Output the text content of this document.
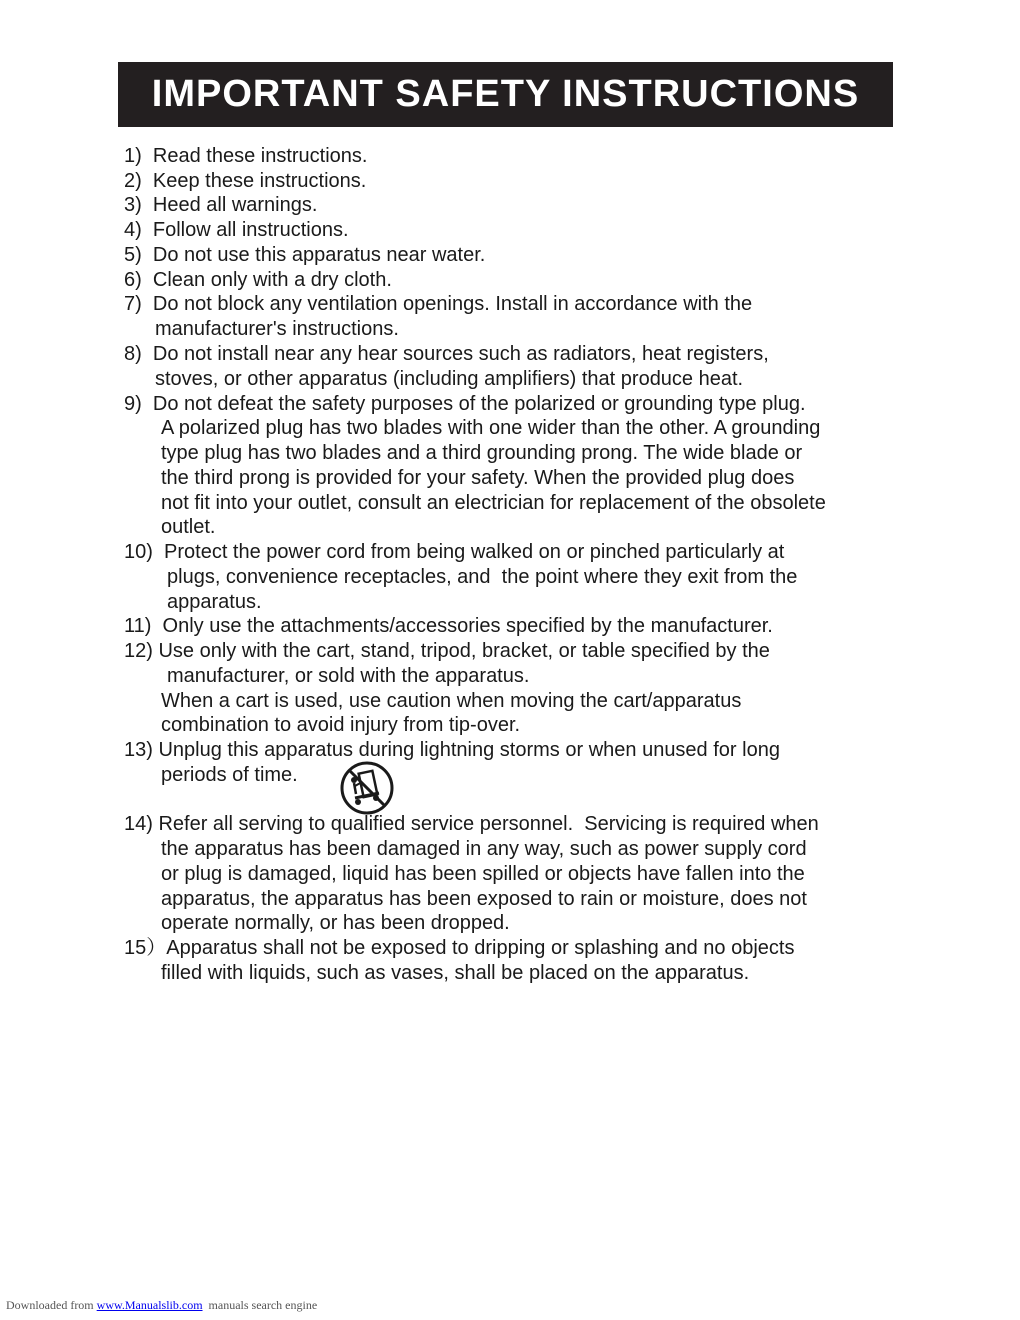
IMPORTANT SAFETY INSTRUCTIONS
1)  Read these instructions.
2)  Keep these instructions.
3)  Heed all warnings.
4)  Follow all instructions.
5)  Do not use this apparatus near water.
6)  Clean only with a dry cloth.
7)  Do not block any ventilation openings. Install in accordance with the
manufacturer's instructions.
8)  Do not install near any hear sources such as radiators, heat registers,
stoves, or other apparatus (including amplifiers) that produce heat.
9)  Do not defeat the safety purposes of the polarized or grounding type plug.
A polarized plug has two blades with one wider than the other. A grounding
type plug has two blades and a third grounding prong. The wide blade or
the third prong is provided for your safety. When the provided plug does
not fit into your outlet, consult an electrician for replacement of the obsolete
outlet.
10)  Protect the power cord from being walked on or pinched particularly at
plugs, convenience receptacles, and  the point where they exit from the
apparatus.
11)  Only use the attachments/accessories specified by the manufacturer.
12) Use only with the cart, stand, tripod, bracket, or table specified by the
manufacturer, or sold with the apparatus.
When a cart is used, use caution when moving the cart/apparatus
combination to avoid injury from tip-over.
13) Unplug this apparatus during lightning storms or when unused for long
periods of time.
14) Refer all serving to qualified service personnel.  Servicing is required when
the apparatus has been damaged in any way, such as power supply cord
or plug is damaged, liquid has been spilled or objects have fallen into the
apparatus, the apparatus has been exposed to rain or moisture, does not
operate normally, or has been dropped.
15）Apparatus shall not be exposed to dripping or splashing and no objects
filled with liquids, such as vases, shall be placed on the apparatus.
Downloaded from www.Manualslib.com  manuals search engine
